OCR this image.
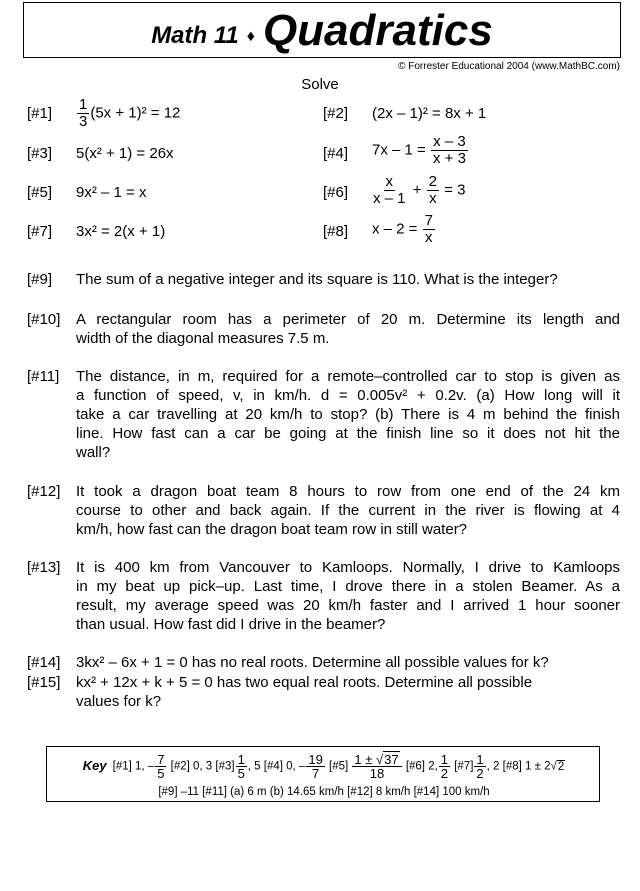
Math 11 ♦ Quadratics
© Forrester Educational 2004 (www.MathBC.com)
Solve
[#1] $\frac{1}{3} (5x + 1)^2 = 12$	[#2] (2x – 1)² = 8x + 1
[#3] 5(x² + 1) = 26x	[#4] $7x - 1 = \frac{x - 3}{x + 3}$
[#5] 9x² – 1 = x	[#6] $\frac{x}{x - 1} + \frac{2}{x} = 3$
[#7] 3x² = 2(x + 1)	[#8] $x - 2 = \frac{7}{x}$
[#9] The sum of a negative integer and its square is 110. What is the integer?
[#10] A rectangular room has a perimeter of 20 m. Determine its length and
width of the diagonal measures 7.5 m.
[#11] The distance, in m, required for a remote–controlled car to stop is given as
a function of speed, v, in km/h. d = 0.005v² + 0.2v. (a) How long will it
take a car travelling at 20 km/h to stop? (b) There is 4 m behind the finish
line. How fast can a car be going at the finish line so it does not hit the
wall?
[#12] It took a dragon boat team 8 hours to row from one end of the 24 km
course to other and back again. If the current in the river is flowing at 4
km/h, how fast can the dragon boat team row in still water?
[#13] It is 400 km from Vancouver to Kamloops. Normally, I drive to Kamloops
in my beat up pick–up. Last time, I drove there in a stolen Beamer. As a
result, my average speed was 20 km/h faster and I arrived 1 hour sooner
than usual. How fast did I drive in the beamer?
[#14] 3kx² – 6x + 1 = 0 has no real roots. Determine all possible values for k?
[#15] kx² + 12x + k + 5 = 0 has two equal real roots. Determine all possible
values for k?
Key [#1] 1, – $\frac{7}{5}$ [#2] 0, 3 [#3] $\frac{1}{5}$ , 5 [#4] 0, – $\frac{19}{7}$ [#5] $\frac{1 \pm √37}{18}$ [#6] 2, $\frac{1}{2}$ [#7] $\frac{1}{2}$ , 2 [#8] 1 ± 2√2
[#9] –11 [#11] (a) 6 m (b) 14.65 km/h [#12] 8 km/h [#14] 100 km/h
